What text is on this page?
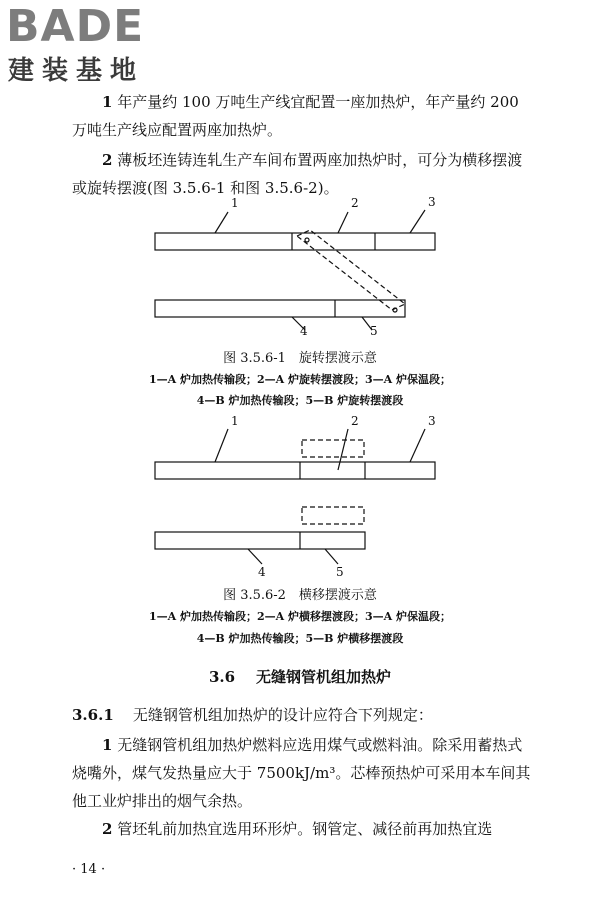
BADE
建装基地

1 年产量约 100 万吨生产线宜配置一座加热炉，年产量约 200 万吨生产线应配置两座加热炉。

2 薄板坯连铸连轧生产车间布置两座加热炉时，可分为横移摆渡或旋转摆渡(图 3.5.6-1 和图 3.5.6-2)。

1	2	3
4	5
图 3.5.6-1　旋转摆渡示意
1—A 炉加热传输段；2—A 炉旋转摆渡段；3—A 炉保温段；
4—B 炉加热传输段；5—B 炉旋转摆渡段
1	2	3
4	5
图 3.5.6-2　横移摆渡示意
1—A 炉加热传输段；2—A 炉横移摆渡段；3—A 炉保温段；
4—B 炉加热传输段；5—B 炉横移摆渡段
3.6 无缝钢管机组加热炉

3.6.1 无缝钢管机组加热炉的设计应符合下列规定：

1 无缝钢管机组加热炉燃料应选用煤气或燃料油。除采用蓄热式烧嘴外，煤气发热量应大于 7500kJ/m³。芯棒预热炉可采用本车间其他工业炉排出的烟气余热。

2 管坯轧前加热宜选用环形炉。钢管定、减径前再加热宜选

· 14 ·
